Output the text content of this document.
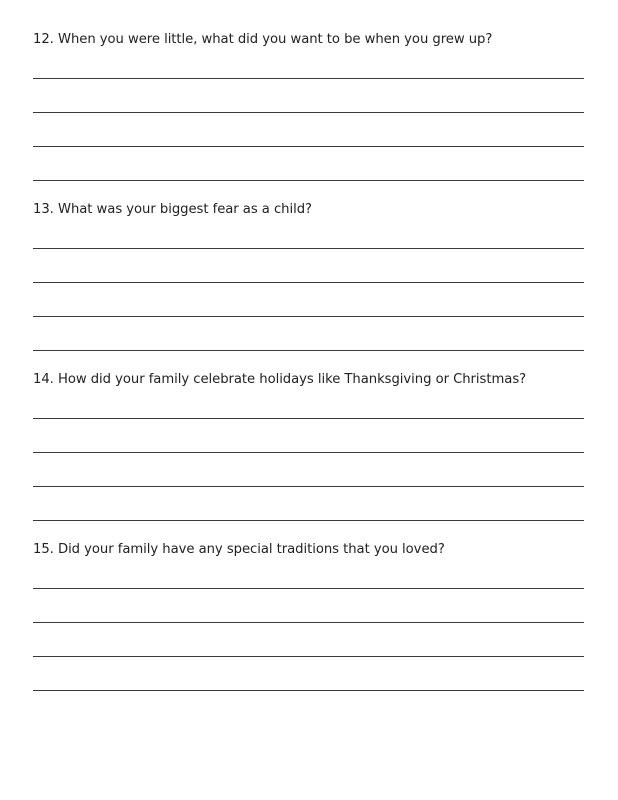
12. When you were little, what did you want to be when you grew up?

13. What was your biggest fear as a child?

14. How did your family celebrate holidays like Thanksgiving or Christmas?

15. Did your family have any special traditions that you loved?
